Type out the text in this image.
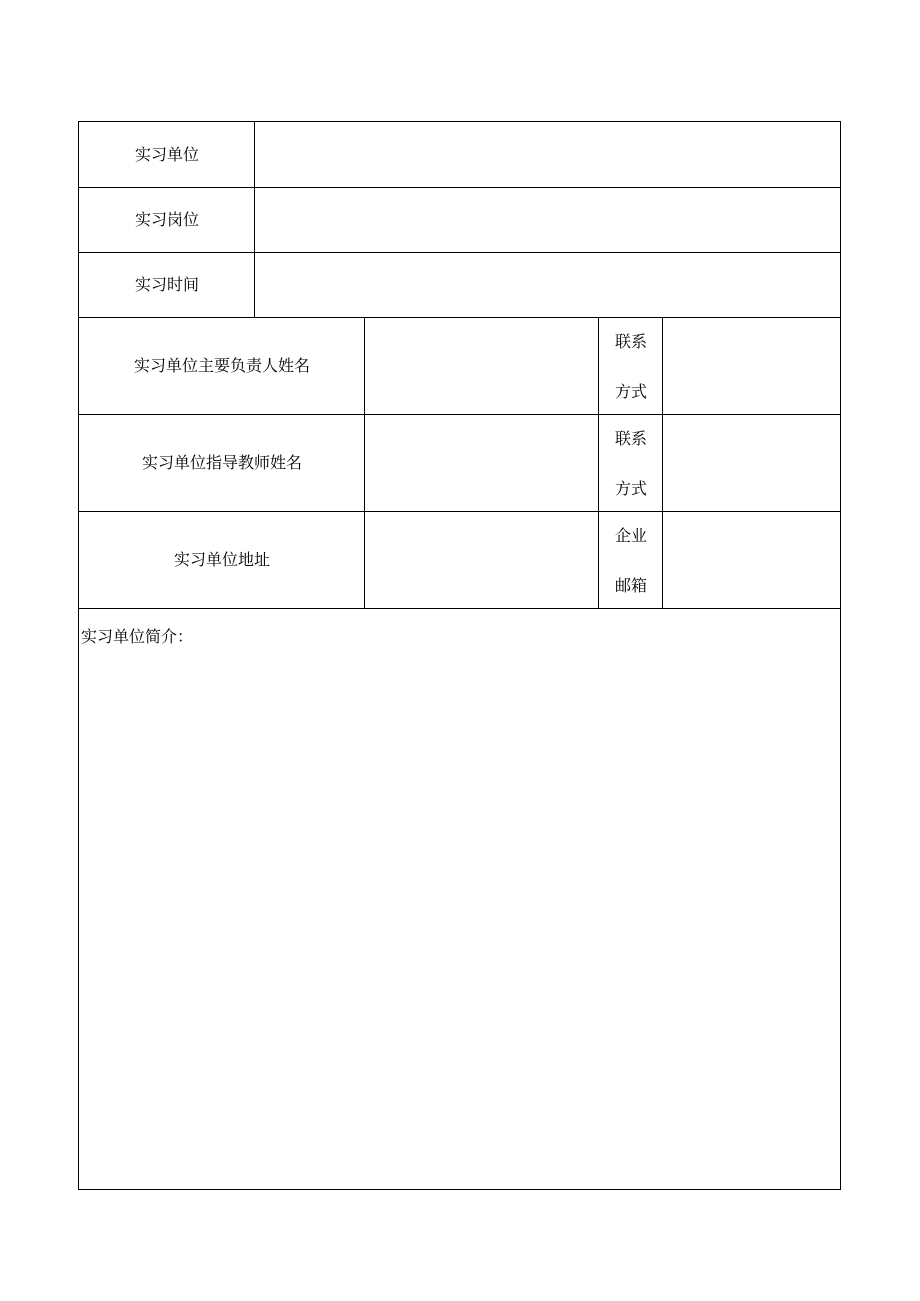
实习单位
实习岗位
实习时间
实习单位主要负责人姓名
联系
方式
实习单位指导教师姓名
联系
方式
实习单位地址
企业
邮箱
实习单位简介：
